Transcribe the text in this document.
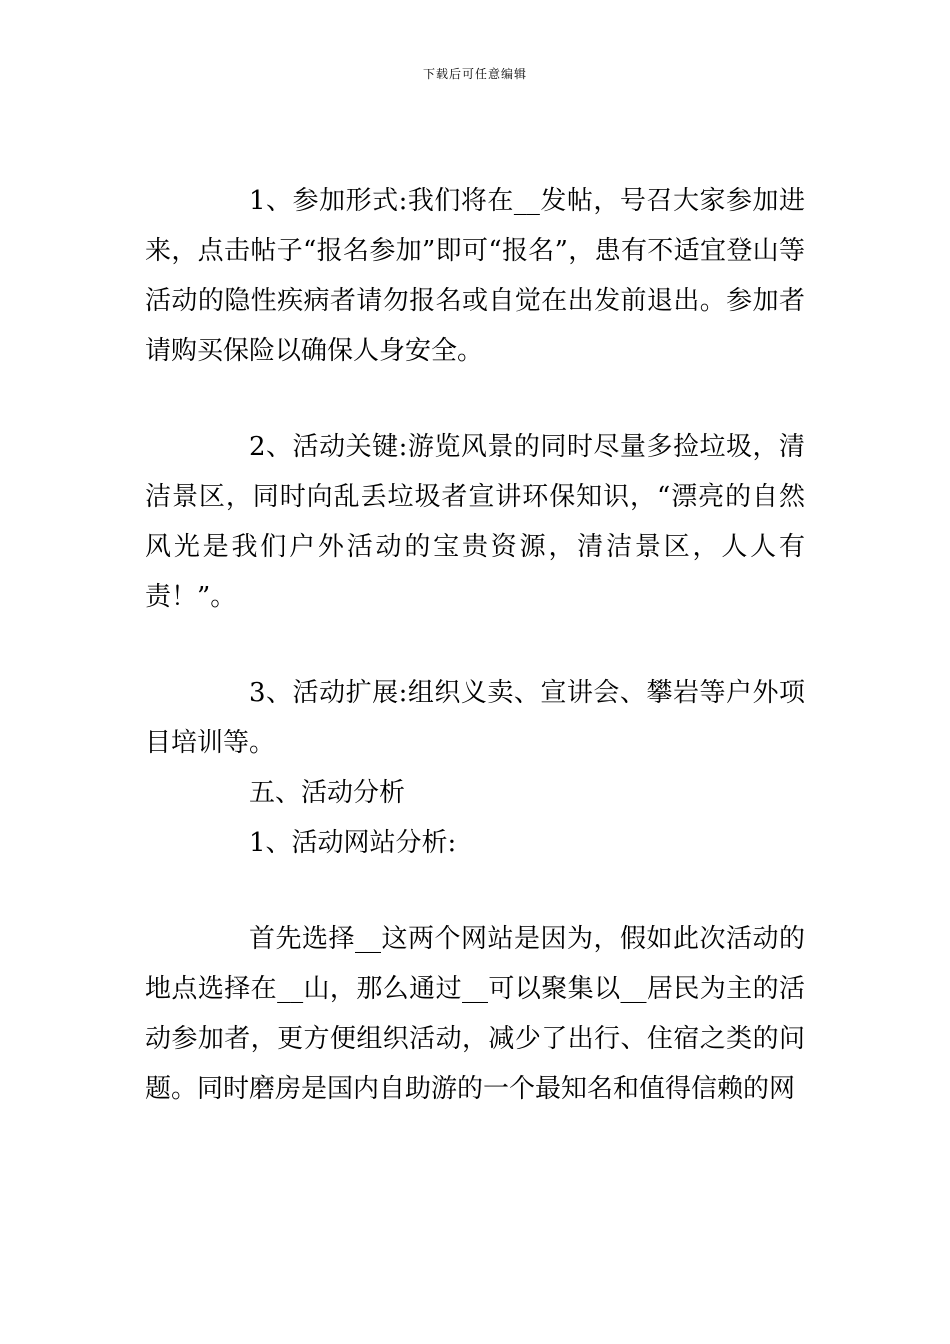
下载后可任意编辑

1、参加形式:我们将在__发帖，号召大家参加进来，点击帖子“报名参加”即可“报名”，患有不适宜登山等活动的隐性疾病者请勿报名或自觉在出发前退出。参加者请购买保险以确保人身安全。

2、活动关键:游览风景的同时尽量多捡垃圾，清洁景区，同时向乱丢垃圾者宣讲环保知识，“漂亮的自然风光是我们户外活动的宝贵资源，清洁景区，人人有责！”。

3、活动扩展:组织义卖、宣讲会、攀岩等户外项目培训等。

五、活动分析

1、活动网站分析:

首先选择__这两个网站是因为，假如此次活动的地点选择在__山，那么通过__可以聚集以__居民为主的活动参加者，更方便组织活动，减少了出行、住宿之类的问题。同时磨房是国内自助游的一个最知名和值得信赖的网
